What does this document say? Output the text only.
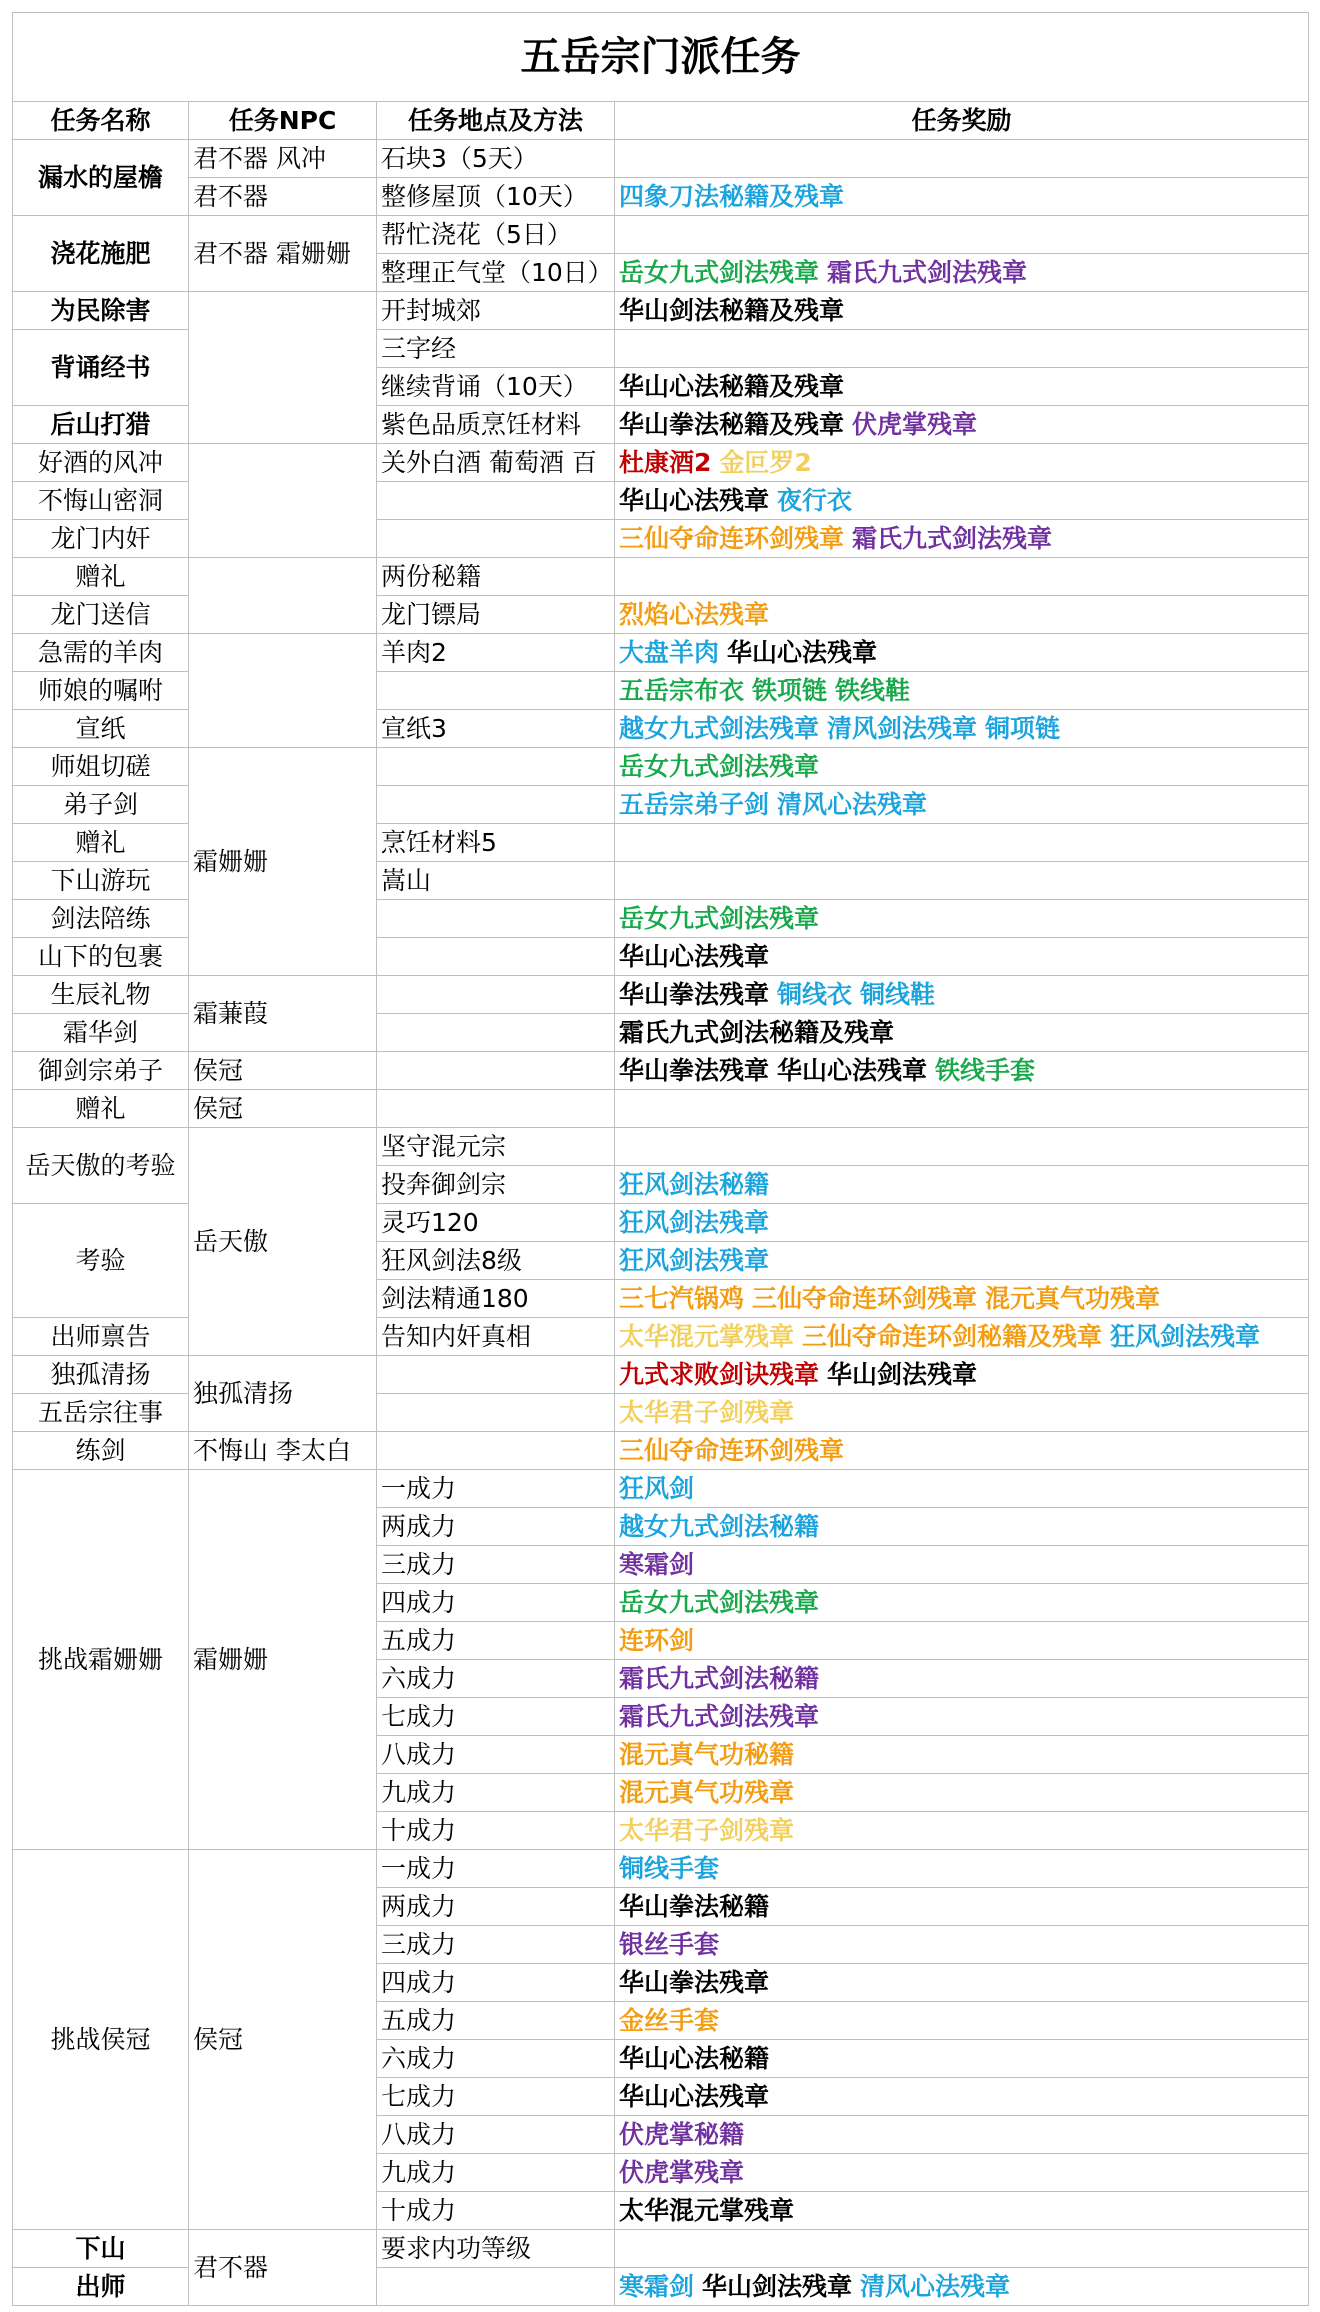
五岳宗门派任务			
任务名称	任务NPC	任务地点及方法	任务奖励
漏水的屋檐	君不器 风冲	石块3（5天）	
	君不器	整修屋顶（10天）	四象刀法秘籍及残章
浇花施肥	君不器 霜姗姗	帮忙浇花（5日）	
		整理正气堂（10日）	岳女九式剑法残章 霜氏九式剑法残章
为民除害		开封城郊	华山剑法秘籍及残章
背诵经书		三字经	
		继续背诵（10天）	华山心法秘籍及残章
后山打猎		紫色品质烹饪材料	华山拳法秘籍及残章 伏虎掌残章
好酒的风冲		关外白酒 葡萄酒 百	杜康酒2 金叵罗2
不悔山密洞			华山心法残章 夜行衣
龙门内奸			三仙夺命连环剑残章 霜氏九式剑法残章
赠礼		两份秘籍	
龙门送信		龙门镖局	烈焰心法残章
急需的羊肉		羊肉2	大盘羊肉 华山心法残章
师娘的嘱咐			五岳宗布衣 铁项链 铁线鞋
宣纸		宣纸3	越女九式剑法残章 清风剑法残章 铜项链
师姐切磋	霜姗姗		岳女九式剑法残章
弟子剑			五岳宗弟子剑 清风心法残章
赠礼		烹饪材料5	
下山游玩		嵩山	
剑法陪练			岳女九式剑法残章
山下的包裹			华山心法残章
生辰礼物	霜蒹葭		华山拳法残章 铜线衣 铜线鞋
霜华剑			霜氏九式剑法秘籍及残章
御剑宗弟子	侯冠		华山拳法残章 华山心法残章 铁线手套
赠礼	侯冠		
岳天傲的考验	岳天傲	坚守混元宗	
		投奔御剑宗	狂风剑法秘籍
考验		灵巧120	狂风剑法残章
		狂风剑法8级	狂风剑法残章
		剑法精通180	三七汽锅鸡 三仙夺命连环剑残章 混元真气功残章
出师禀告		告知内奸真相	太华混元掌残章 三仙夺命连环剑秘籍及残章 狂风剑法残章
独孤清扬	独孤清扬		九式求败剑诀残章 华山剑法残章
五岳宗往事			太华君子剑残章
练剑	不悔山 李太白		三仙夺命连环剑残章
挑战霜姗姗	霜姗姗	一成力	狂风剑
		两成力	越女九式剑法秘籍
		三成力	寒霜剑
		四成力	岳女九式剑法残章
		五成力	连环剑
		六成力	霜氏九式剑法秘籍
		七成力	霜氏九式剑法残章
		八成力	混元真气功秘籍
		九成力	混元真气功残章
		十成力	太华君子剑残章
挑战侯冠	侯冠	一成力	铜线手套
		两成力	华山拳法秘籍
		三成力	银丝手套
		四成力	华山拳法残章
		五成力	金丝手套
		六成力	华山心法秘籍
		七成力	华山心法残章
		八成力	伏虎掌秘籍
		九成力	伏虎掌残章
		十成力	太华混元掌残章
下山	君不器	要求内功等级	
出师			寒霜剑 华山剑法残章 清风心法残章
